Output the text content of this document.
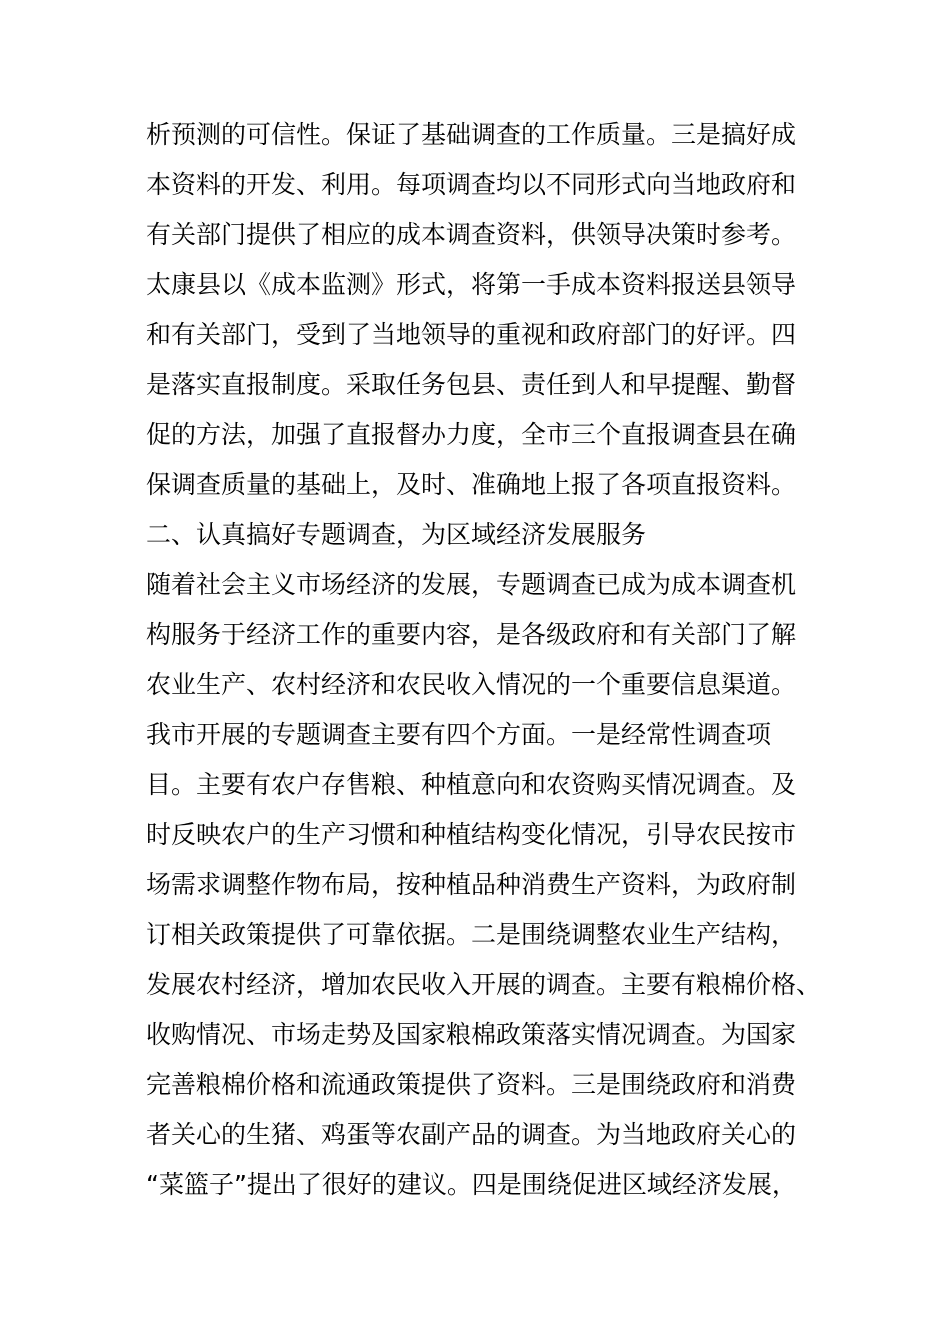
析预测的可信性。保证了基础调查的工作质量。三是搞好成
本资料的开发、利用。每项调查均以不同形式向当地政府和
有关部门提供了相应的成本调查资料，供领导决策时参考。
太康县以《成本监测》形式，将第一手成本资料报送县领导
和有关部门，受到了当地领导的重视和政府部门的好评。四
是落实直报制度。采取任务包县、责任到人和早提醒、勤督
促的方法，加强了直报督办力度，全市三个直报调查县在确
保调查质量的基础上，及时、准确地上报了各项直报资料。
二、认真搞好专题调查，为区域经济发展服务
随着社会主义市场经济的发展，专题调查已成为成本调查机
构服务于经济工作的重要内容，是各级政府和有关部门了解
农业生产、农村经济和农民收入情况的一个重要信息渠道。
我市开展的专题调查主要有四个方面。一是经常性调查项
目。主要有农户存售粮、种植意向和农资购买情况调查。及
时反映农户的生产习惯和种植结构变化情况，引导农民按市
场需求调整作物布局，按种植品种消费生产资料，为政府制
订相关政策提供了可靠依据。二是围绕调整农业生产结构，
发展农村经济，增加农民收入开展的调查。主要有粮棉价格、
收购情况、市场走势及国家粮棉政策落实情况调查。为国家
完善粮棉价格和流通政策提供了资料。三是围绕政府和消费
者关心的生猪、鸡蛋等农副产品的调查。为当地政府关心的
“菜篮子”提出了很好的建议。四是围绕促进区域经济发展，
